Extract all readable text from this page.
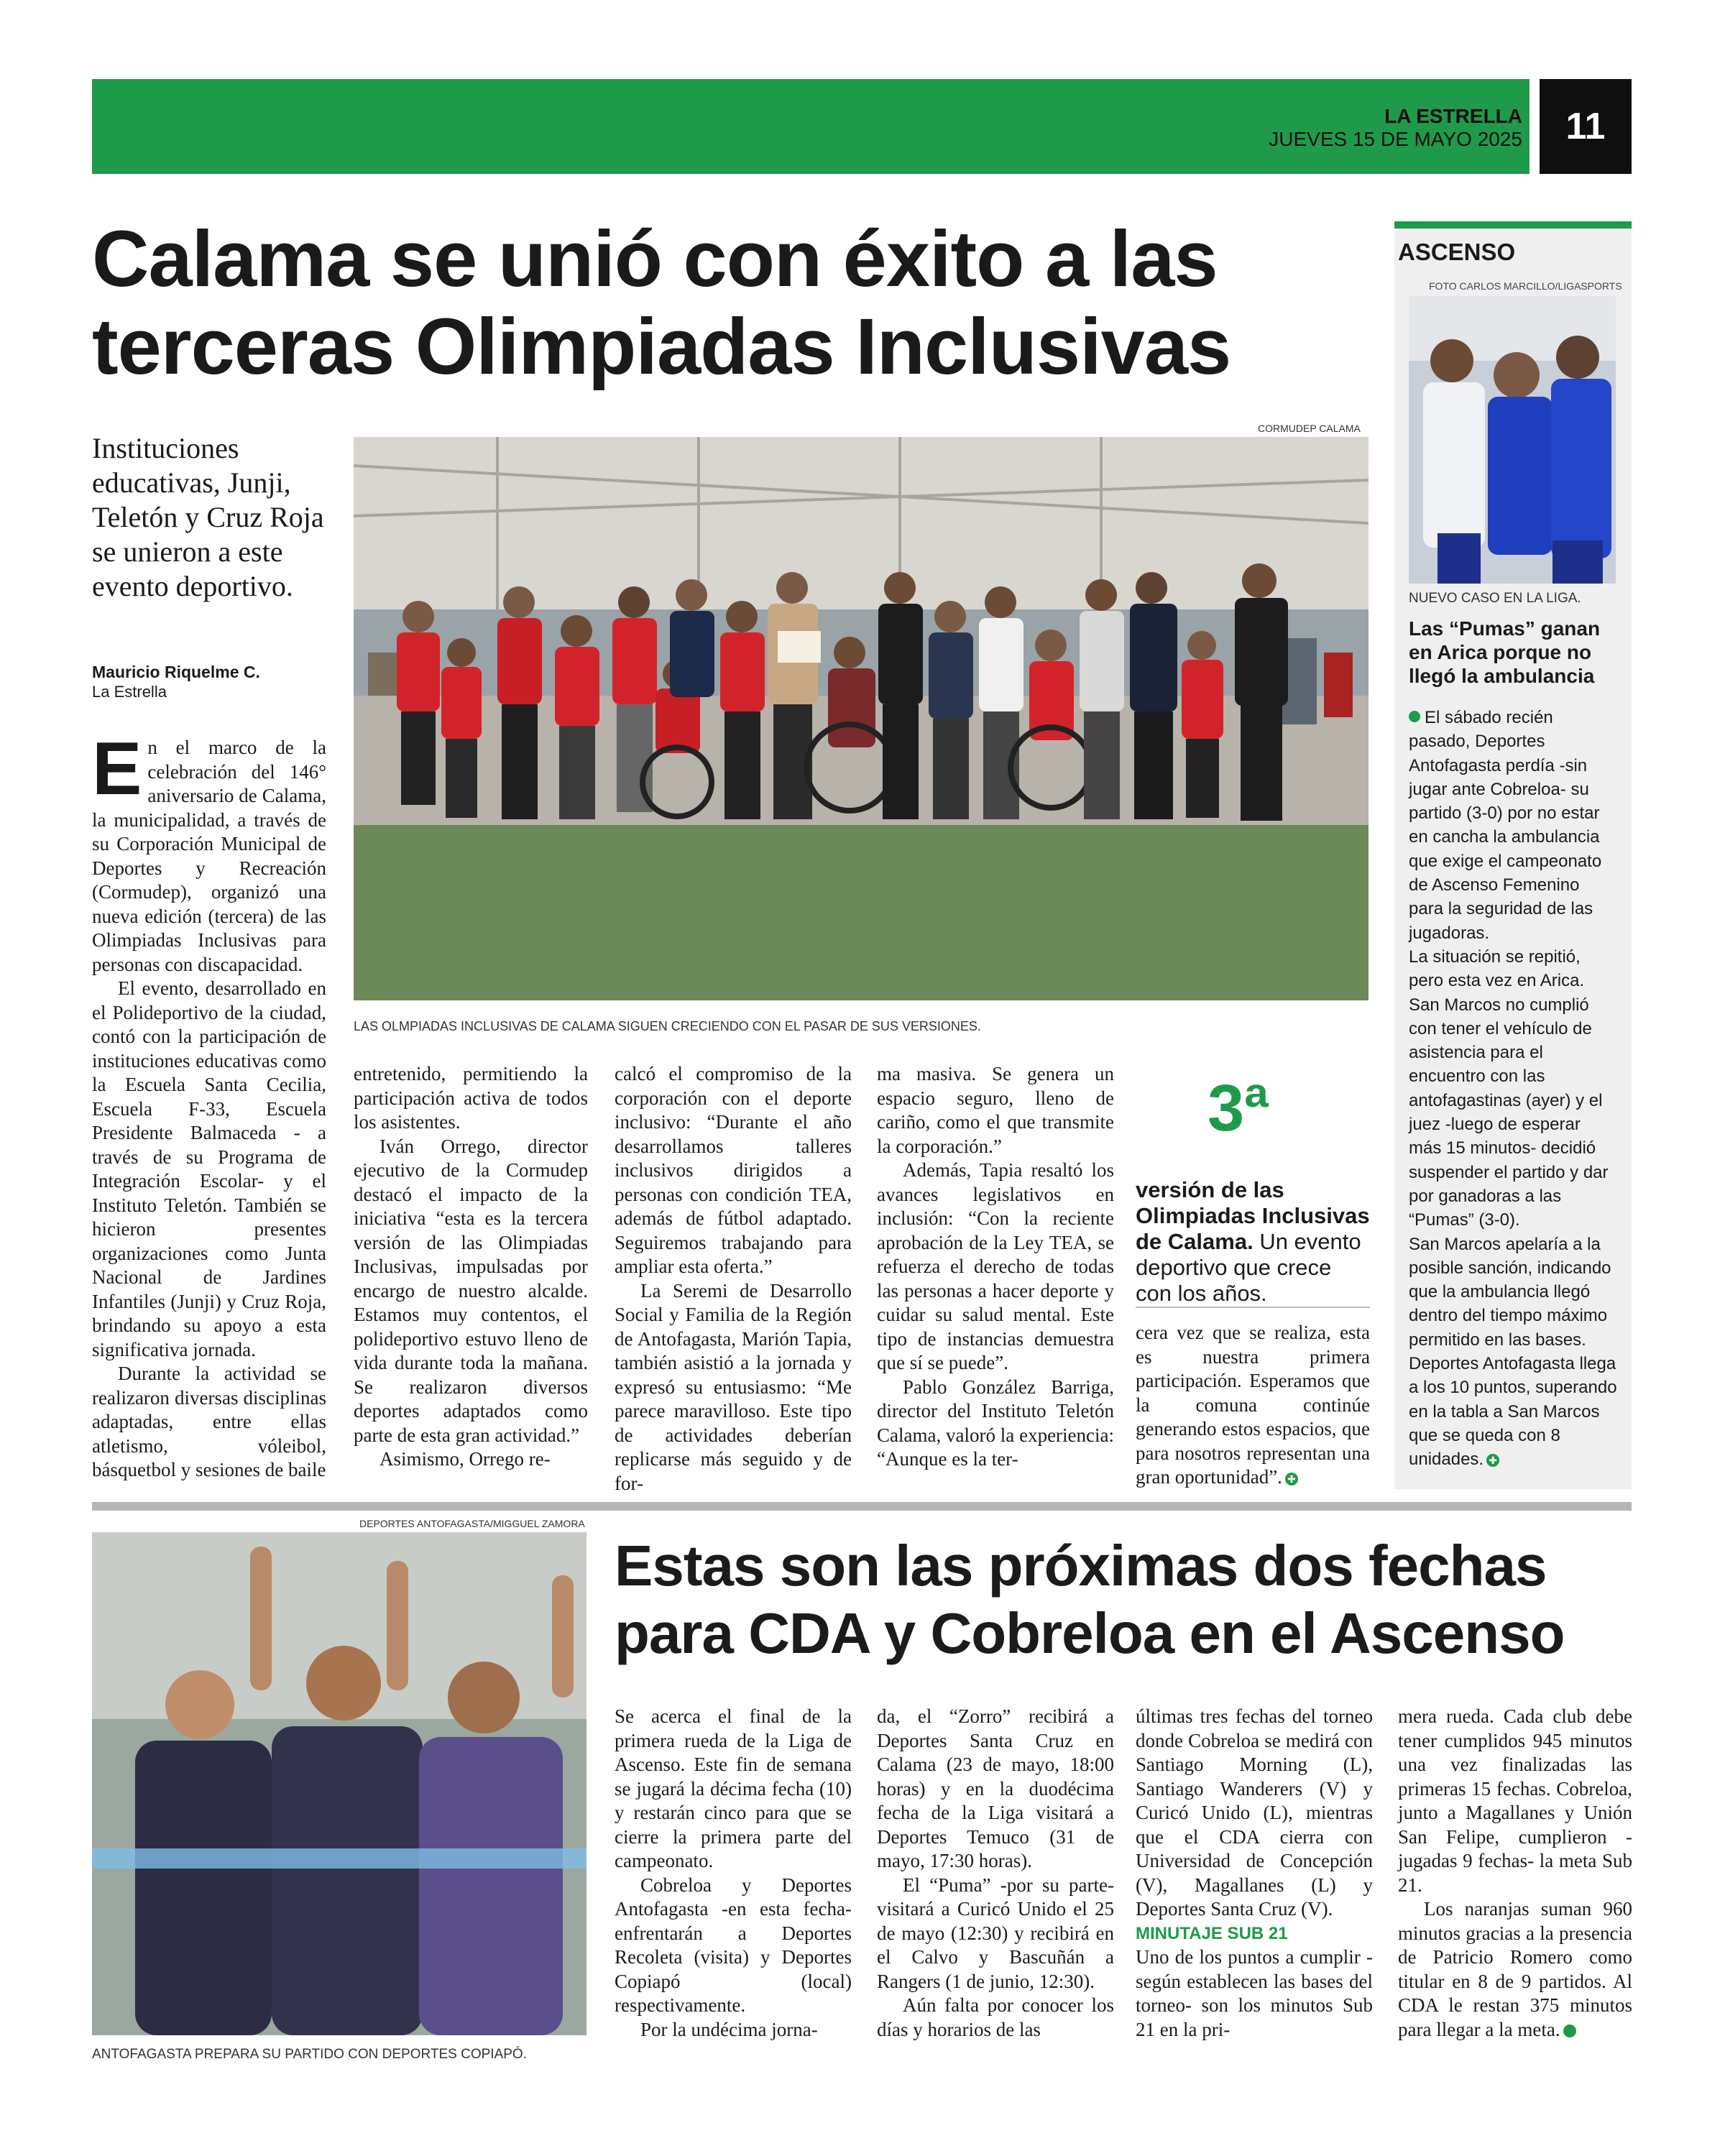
LA ESTRELLA
JUEVES 15 DE MAYO 2025	11
Calama se unió con éxito a las terceras Olimpiadas Inclusivas
Instituciones educativas, Junji, Teletón y Cruz Roja se unieron a este evento deportivo.
Mauricio Riquelme C.
La Estrella
CORMUDEP CALAMA
LAS OLMPIADAS INCLUSIVAS DE CALAMA SIGUEN CRECIENDO CON EL PASAR DE SUS VERSIONES.

En el marco de la celebración del 146° aniversario de Calama, la municipalidad, a través de su Corporación Municipal de Deportes y Recreación (Cormudep), organizó una nueva edición (tercera) de las Olimpiadas Inclusivas para personas con discapacidad.

El evento, desarrollado en el Polideportivo de la ciudad, contó con la participación de instituciones educativas como la Escuela Santa Cecilia, Escuela F-33, Escuela Presidente Balmaceda - a través de su Programa de Integración Escolar- y el Instituto Teletón. También se hicieron presentes organizaciones como Junta Nacional de Jardines Infantiles (Junji) y Cruz Roja, brindando su apoyo a esta significativa jornada.

Durante la actividad se realizaron diversas disciplinas adaptadas, entre ellas atletismo, vóleibol, básquetbol y sesiones de baile

entretenido, permitiendo la participación activa de todos los asistentes.

Iván Orrego, director ejecutivo de la Cormudep destacó el impacto de la iniciativa “esta es la tercera versión de las Olimpiadas Inclusivas, impulsadas por encargo de nuestro alcalde. Estamos muy contentos, el polideportivo estuvo lleno de vida durante toda la mañana. Se realizaron diversos deportes adaptados como parte de esta gran actividad.”

Asimismo, Orrego re-

calcó el compromiso de la corporación con el deporte inclusivo: “Durante el año desarrollamos talleres inclusivos dirigidos a personas con condición TEA, además de fútbol adaptado. Seguiremos trabajando para ampliar esta oferta.”

La Seremi de Desarrollo Social y Familia de la Región de Antofagasta, Marión Tapia, también asistió a la jornada y expresó su entusiasmo: “Me parece maravilloso. Este tipo de actividades deberían replicarse más seguido y de for-

ma masiva. Se genera un espacio seguro, lleno de cariño, como el que transmite la corporación.”

Además, Tapia resaltó los avances legislativos en inclusión: “Con la reciente aprobación de la Ley TEA, se refuerza el derecho de todas las personas a hacer deporte y cuidar su salud mental. Este tipo de instancias demuestra que sí se puede”.

Pablo González Barriga, director del Instituto Teletón Calama, valoró la experiencia: “Aunque es la ter-

3ª
versión de las Olimpiadas Inclusivas de Calama. Un evento deportivo que crece con los años.

cera vez que se realiza, esta es nuestra primera participación. Esperamos que la comuna continúe generando estos espacios, que para nosotros representan una gran oportunidad”. ✚

ASCENSO
FOTO CARLOS MARCILLO/LIGASPORTS
NUEVO CASO EN LA LIGA.
Las “Pumas” ganan en Arica porque no llegó la ambulancia

El sábado recién pasado, Deportes Antofagasta perdía -sin jugar ante Cobreloa- su partido (3-0) por no estar en cancha la ambulancia que exige el campeonato de Ascenso Femenino para la seguridad de las jugadoras.

La situación se repitió, pero esta vez en Arica. San Marcos no cumplió con tener el vehículo de asistencia para el encuentro con las antofagastinas (ayer) y el juez -luego de esperar más 15 minutos- decidió suspender el partido y dar por ganadoras a las “Pumas” (3-0).

San Marcos apelaría a la posible sanción, indicando que la ambulancia llegó dentro del tiempo máximo permitido en las bases.

Deportes Antofagasta llega a los 10 puntos, superando en la tabla a San Marcos que se queda con 8 unidades. ✚

DEPORTES ANTOFAGASTA/MIGGUEL ZAMORA
ANTOFAGASTA PREPARA SU PARTIDO CON DEPORTES COPIAPÓ.
Estas son las próximas dos fechas para CDA y Cobreloa en el Ascenso

Se acerca el final de la primera rueda de la Liga de Ascenso. Este fin de semana se jugará la décima fecha (10) y restarán cinco para que se cierre la primera parte del campeonato.

Cobreloa y Deportes Antofagasta -en esta fecha- enfrentarán a Deportes Recoleta (visita) y Deportes Copiapó (local) respectivamente.

Por la undécima jorna-

da, el “Zorro” recibirá a Deportes Santa Cruz en Calama (23 de mayo, 18:00 horas) y en la duodécima fecha de la Liga visitará a Deportes Temuco (31 de mayo, 17:30 horas).

El “Puma” -por su parte- visitará a Curicó Unido el 25 de mayo (12:30) y recibirá en el Calvo y Bascuñán a Rangers (1 de junio, 12:30).

Aún falta por conocer los días y horarios de las

últimas tres fechas del torneo donde Cobreloa se medirá con Santiago Morning (L), Santiago Wanderers (V) y Curicó Unido (L), mientras que el CDA cierra con Universidad de Concepción (V), Magallanes (L) y Deportes Santa Cruz (V).

MINUTAJE SUB 21

Uno de los puntos a cumplir -según establecen las bases del torneo- son los minutos Sub 21 en la pri-

mera rueda. Cada club debe tener cumplidos 945 minutos una vez finalizadas las primeras 15 fechas. Cobreloa, junto a Magallanes y Unión San Felipe, cumplieron -jugadas 9 fechas- la meta Sub 21.

Los naranjas suman 960 minutos gracias a la presencia de Patricio Romero como titular en 8 de 9 partidos. Al CDA le restan 375 minutos para llegar a la meta.	✚
